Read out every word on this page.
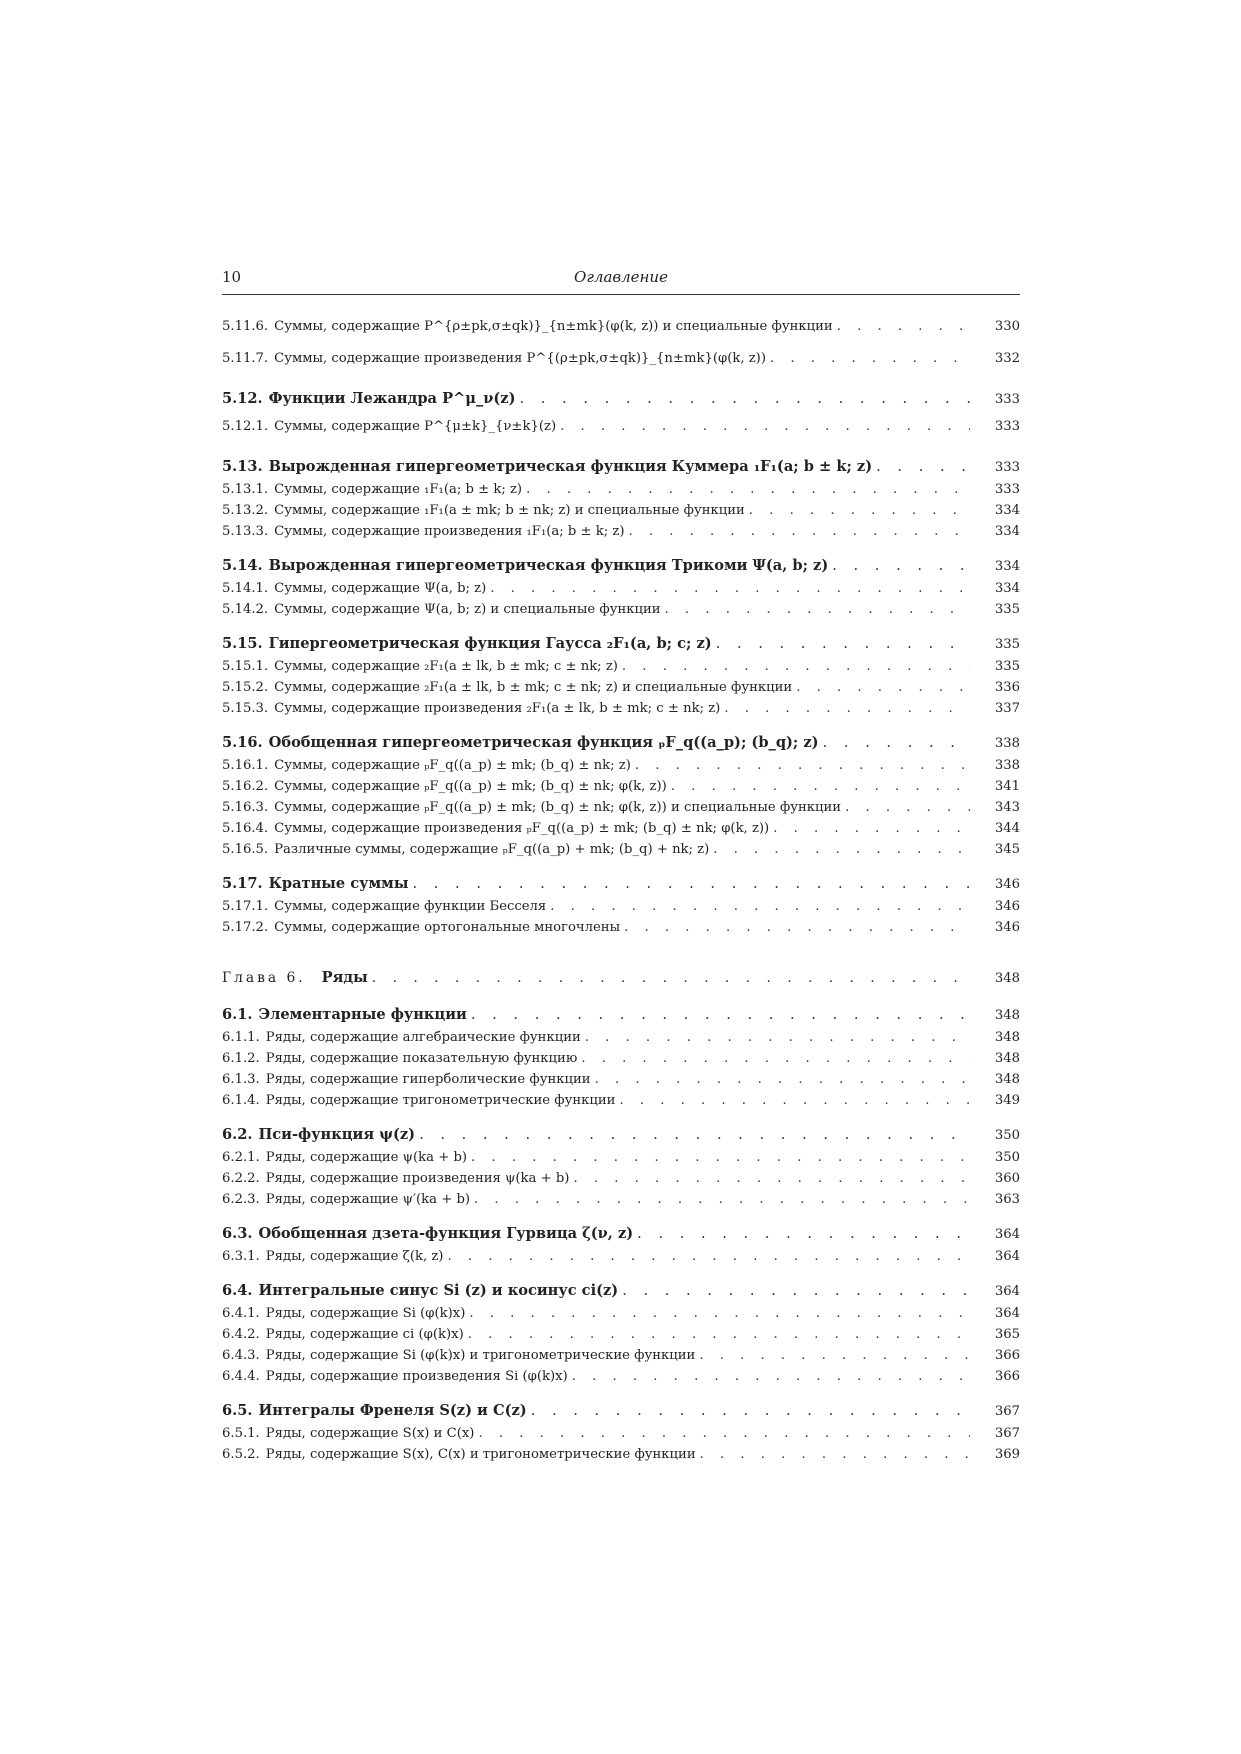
10	Оглавление
5.11.6. Суммы, содержащие P^{ρ±pk,σ±qk)}_{n±mk}(φ(k, z)) и специальные функции . . .	330
5.11.7. Суммы, содержащие произведения P^{(ρ±pk,σ±qk)}_{n±mk}(φ(k, z)) . . .	332
5.12. Функции Лежандра P^μ_ν(z) . . .	333
5.12.1. Суммы, содержащие P^{μ±k}_{ν±k}(z) . . .	333
5.13. Вырожденная гипергеометрическая функция Куммера ₁F₁(a; b ± k; z) . . .	333
5.13.1. Суммы, содержащие ₁F₁(a; b ± k; z) . . .	333
5.13.2. Суммы, содержащие ₁F₁(a ± mk; b ± nk; z) и специальные функции . . .	334
5.13.3. Суммы, содержащие произведения ₁F₁(a; b ± k; z) . . .	334
5.14. Вырожденная гипергеометрическая функция Трикоми Ψ(a, b; z) . . .	334
5.14.1. Суммы, содержащие Ψ(a, b; z) . . .	334
5.14.2. Суммы, содержащие Ψ(a, b; z) и специальные функции . . .	335
5.15. Гипергеометрическая функция Гаусса ₂F₁(a, b; c; z) . . .	335
5.15.1. Суммы, содержащие ₂F₁(a ± lk, b ± mk; c ± nk; z) . . .	335
5.15.2. Суммы, содержащие ₂F₁(a ± lk, b ± mk; c ± nk; z) и специальные функции . . .	336
5.15.3. Суммы, содержащие произведения ₂F₁(a ± lk, b ± mk; c ± nk; z) . . .	337
5.16. Обобщенная гипергеометрическая функция ₚF_q((a_p); (b_q); z) . . .	338
5.16.1. Суммы, содержащие ₚF_q((a_p) ± mk; (b_q) ± nk; z) . . .	338
5.16.2. Суммы, содержащие ₚF_q((a_p) ± mk; (b_q) ± nk; φ(k, z)) . . .	341
5.16.3. Суммы, содержащие ₚF_q((a_p) ± mk; (b_q) ± nk; φ(k, z)) и специальные функции . . .	343
5.16.4. Суммы, содержащие произведения ₚF_q((a_p) ± mk; (b_q) ± nk; φ(k, z)) . . .	344
5.16.5. Различные суммы, содержащие ₚF_q((a_p) + mk; (b_q) + nk; z) . . .	345
5.17. Кратные суммы . . .	346
5.17.1. Суммы, содержащие функции Бесселя . . .	346
5.17.2. Суммы, содержащие ортогональные многочлены . . .	346
Глава 6. Ряды . . .	348
6.1. Элементарные функции . . .	348
6.1.1. Ряды, содержащие алгебраические функции . . .	348
6.1.2. Ряды, содержащие показательную функцию . . .	348
6.1.3. Ряды, содержащие гиперболические функции . . .	348
6.1.4. Ряды, содержащие тригонометрические функции . . .	349
6.2. Пси-функция ψ(z) . . .	350
6.2.1. Ряды, содержащие ψ(ka + b) . . .	350
6.2.2. Ряды, содержащие произведения ψ(ka + b) . . .	360
6.2.3. Ряды, содержащие ψ′(ka + b) . . .	363
6.3. Обобщенная дзета-функция Гурвица ζ(ν, z) . . .	364
6.3.1. Ряды, содержащие ζ(k, z) . . .	364
6.4. Интегральные синус Si (z) и косинус ci(z) . . .	364
6.4.1. Ряды, содержащие Si (φ(k)x) . . .	364
6.4.2. Ряды, содержащие ci (φ(k)x) . . .	365
6.4.3. Ряды, содержащие Si (φ(k)x) и тригонометрические функции . . .	366
6.4.4. Ряды, содержащие произведения Si (φ(k)x) . . .	366
6.5. Интегралы Френеля S(z) и C(z) . . .	367
6.5.1. Ряды, содержащие S(x) и C(x) . . .	367
6.5.2. Ряды, содержащие S(x), C(x) и тригонометрические функции . . .	369
